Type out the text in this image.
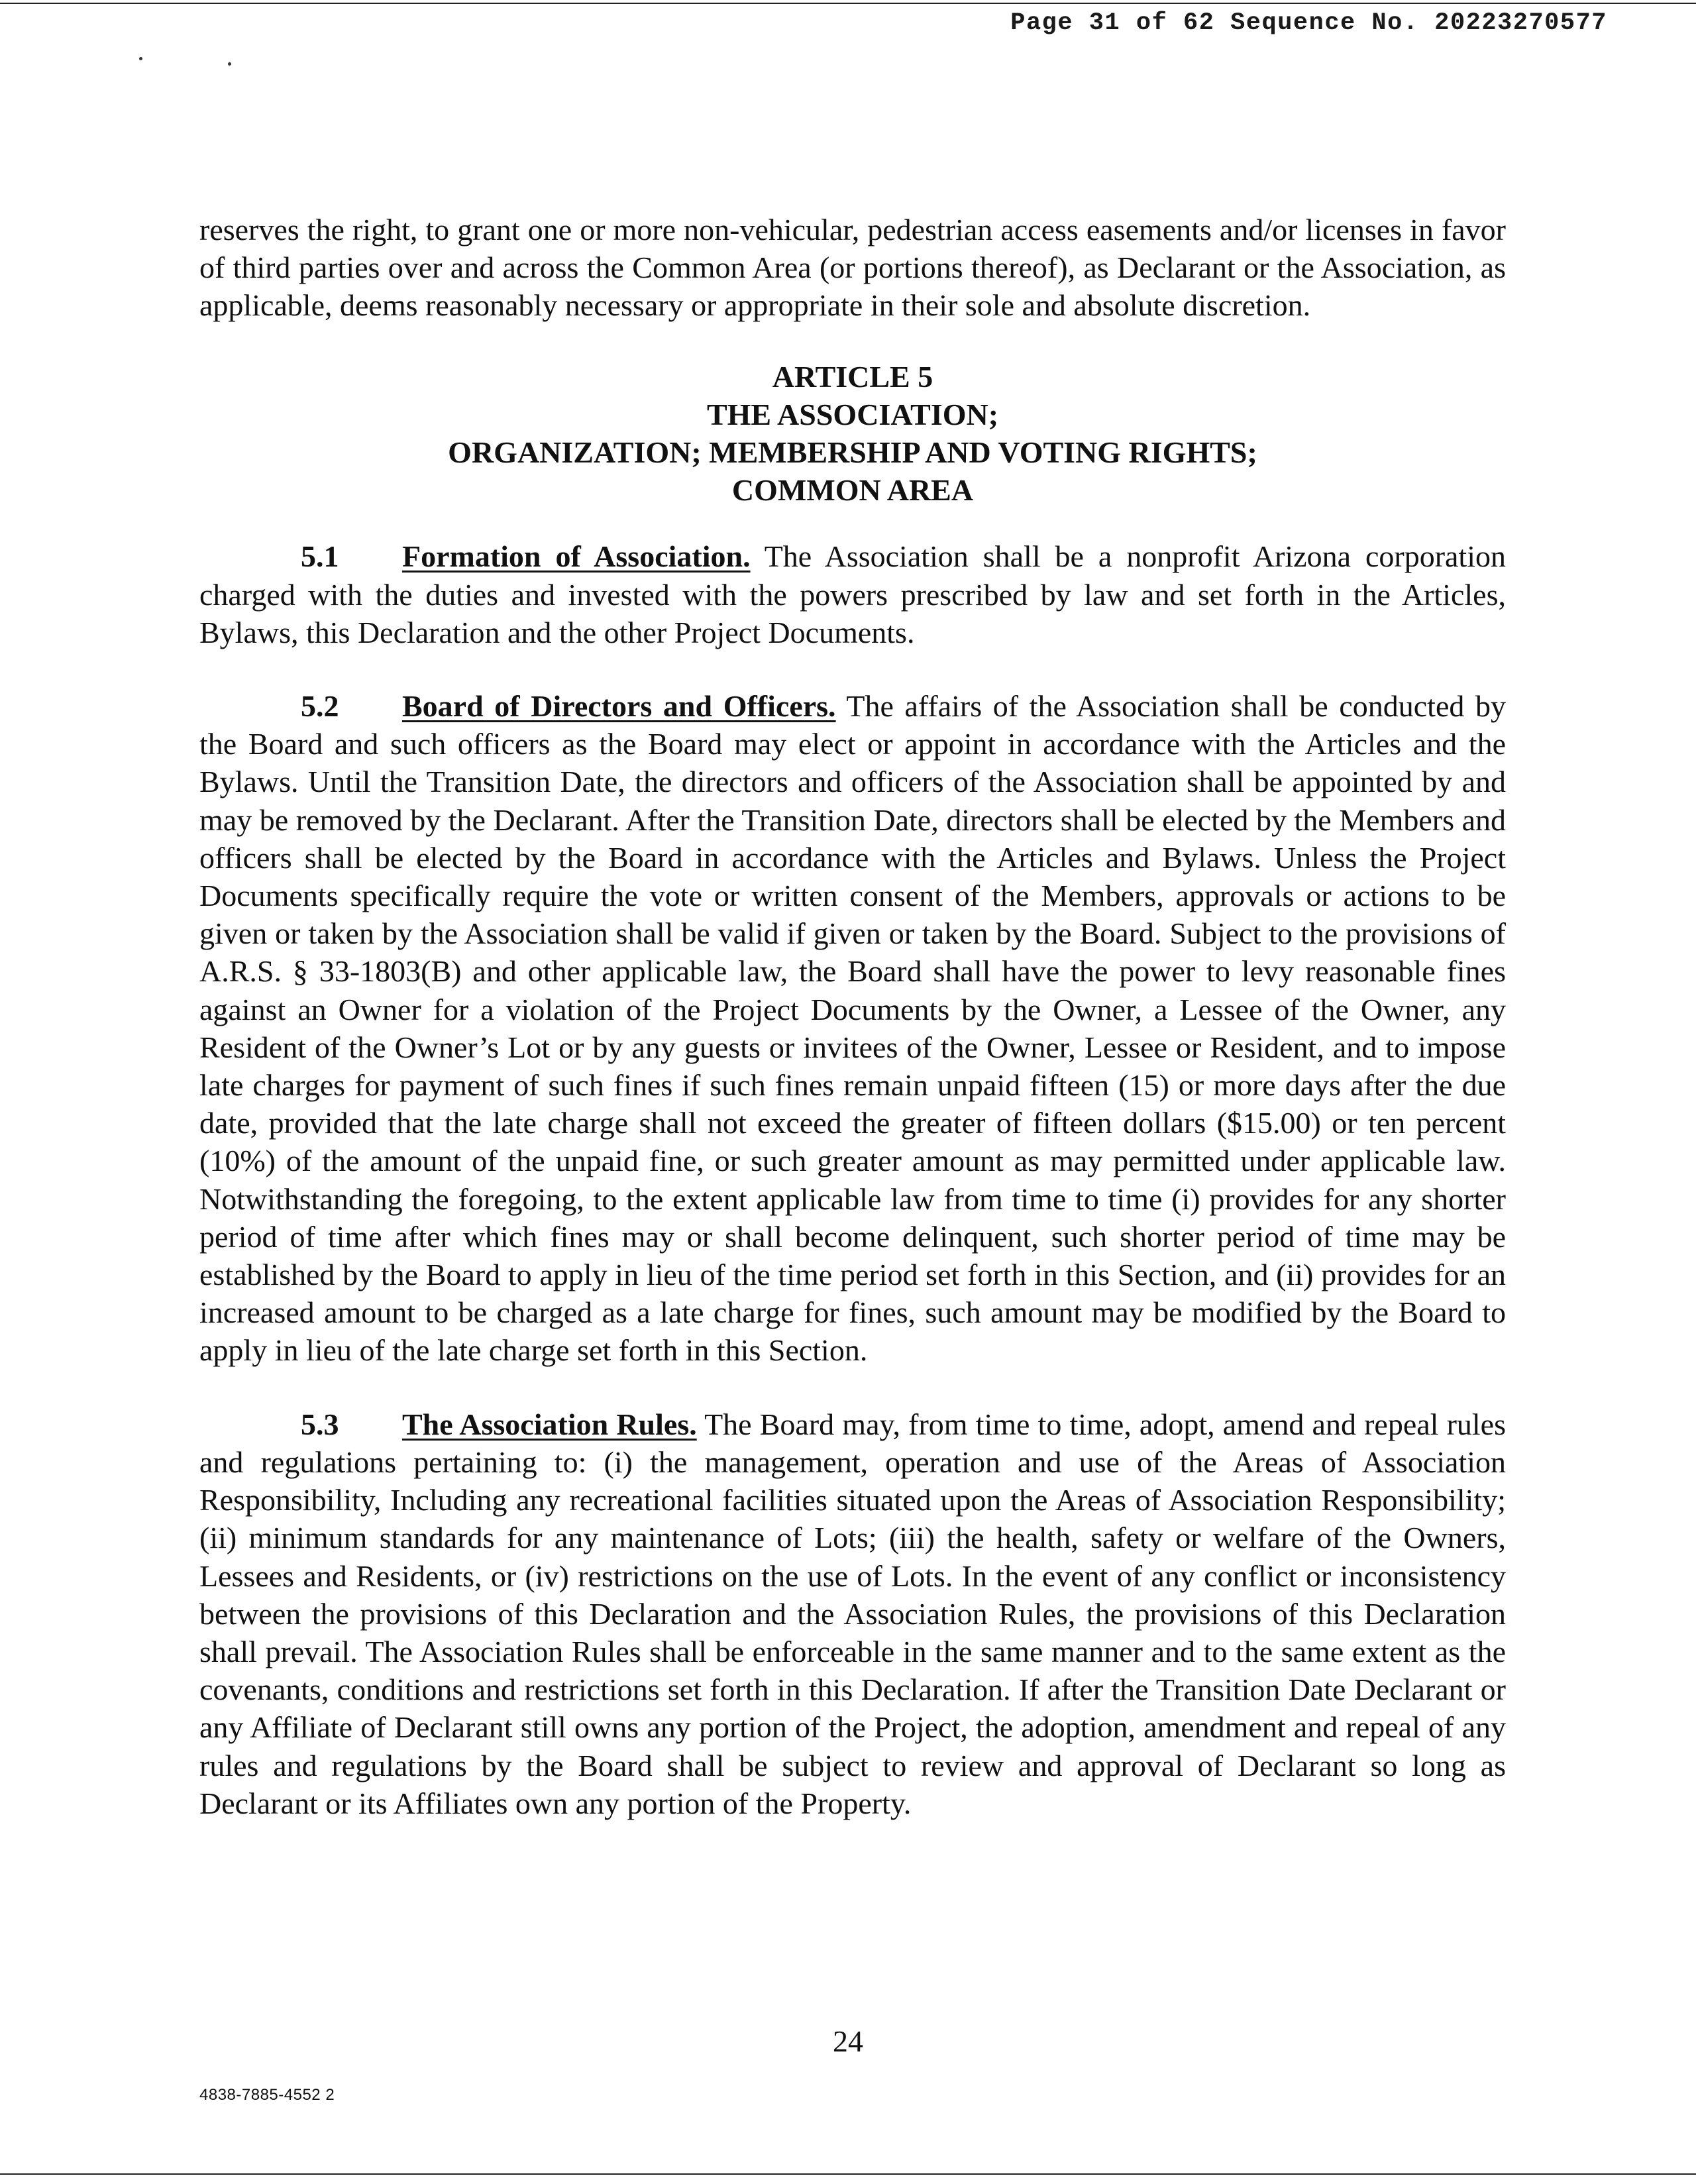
Page 31 of 62 Sequence No. 20223270577

reserves the right, to grant one or more non-vehicular, pedestrian access easements and/or licenses in favor of third parties over and across the Common Area (or portions thereof), as Declarant or the Association, as applicable, deems reasonably necessary or appropriate in their sole and absolute discretion.

ARTICLE 5
THE ASSOCIATION;
ORGANIZATION; MEMBERSHIP AND VOTING RIGHTS;
COMMON AREA

5.1 Formation of Association. The Association shall be a nonprofit Arizona corporation charged with the duties and invested with the powers prescribed by law and set forth in the Articles, Bylaws, this Declaration and the other Project Documents.

5.2 Board of Directors and Officers. The affairs of the Association shall be conducted by the Board and such officers as the Board may elect or appoint in accordance with the Articles and the Bylaws. Until the Transition Date, the directors and officers of the Association shall be appointed by and may be removed by the Declarant. After the Transition Date, directors shall be elected by the Members and officers shall be elected by the Board in accordance with the Articles and Bylaws. Unless the Project Documents specifically require the vote or written consent of the Members, approvals or actions to be given or taken by the Association shall be valid if given or taken by the Board. Subject to the provisions of A.R.S. § 33-1803(B) and other applicable law, the Board shall have the power to levy reasonable fines against an Owner for a violation of the Project Documents by the Owner, a Lessee of the Owner, any Resident of the Owner’s Lot or by any guests or invitees of the Owner, Lessee or Resident, and to impose late charges for payment of such fines if such fines remain unpaid fifteen (15) or more days after the due date, provided that the late charge shall not exceed the greater of fifteen dollars ($15.00) or ten percent (10%) of the amount of the unpaid fine, or such greater amount as may permitted under applicable law. Notwithstanding the foregoing, to the extent applicable law from time to time (i) provides for any shorter period of time after which fines may or shall become delinquent, such shorter period of time may be established by the Board to apply in lieu of the time period set forth in this Section, and (ii) provides for an increased amount to be charged as a late charge for fines, such amount may be modified by the Board to apply in lieu of the late charge set forth in this Section.

5.3 The Association Rules. The Board may, from time to time, adopt, amend and repeal rules and regulations pertaining to: (i) the management, operation and use of the Areas of Association Responsibility, Including any recreational facilities situated upon the Areas of Association Responsibility; (ii) minimum standards for any maintenance of Lots; (iii) the health, safety or welfare of the Owners, Lessees and Residents, or (iv) restrictions on the use of Lots. In the event of any conflict or inconsistency between the provisions of this Declaration and the Association Rules, the provisions of this Declaration shall prevail. The Association Rules shall be enforceable in the same manner and to the same extent as the covenants, conditions and restrictions set forth in this Declaration. If after the Transition Date Declarant or any Affiliate of Declarant still owns any portion of the Project, the adoption, amendment and repeal of any rules and regulations by the Board shall be subject to review and approval of Declarant so long as Declarant or its Affiliates own any portion of the Property.

24
4838-7885-4552 2
